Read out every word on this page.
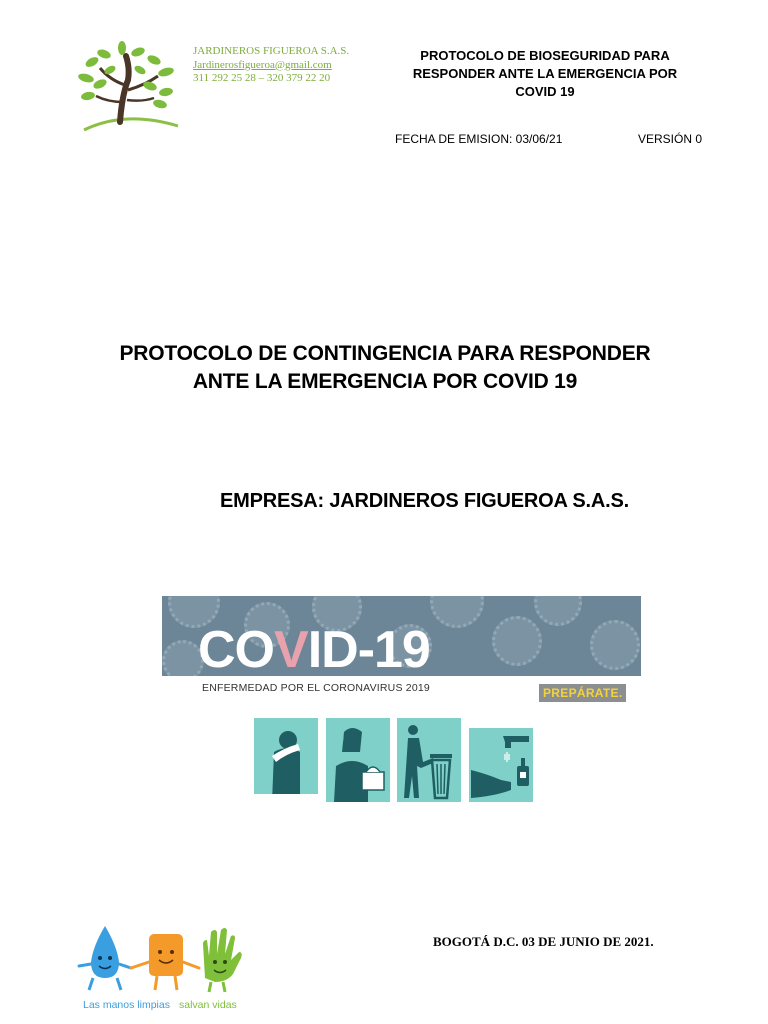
JARDINEROS FIGUEROA S.A.S.
Jardinerosfigueroa@gmail.com
311 292 25 28 – 320 379 22 20
PROTOCOLO DE BIOSEGURIDAD PARA
RESPONDER ANTE LA EMERGENCIA POR
COVID 19
FECHA DE EMISION: 03/06/21	VERSIÓN 0
PROTOCOLO DE CONTINGENCIA PARA RESPONDER
ANTE LA EMERGENCIA POR COVID 19
EMPRESA: JARDINEROS FIGUEROA S.A.S.
COVID-19
ENFERMEDAD POR EL CORONAVIRUS 2019	PREPÁRATE.
Las manos limpias salvan vidas
BOGOTÁ D.C. 03 DE JUNIO DE 2021.
